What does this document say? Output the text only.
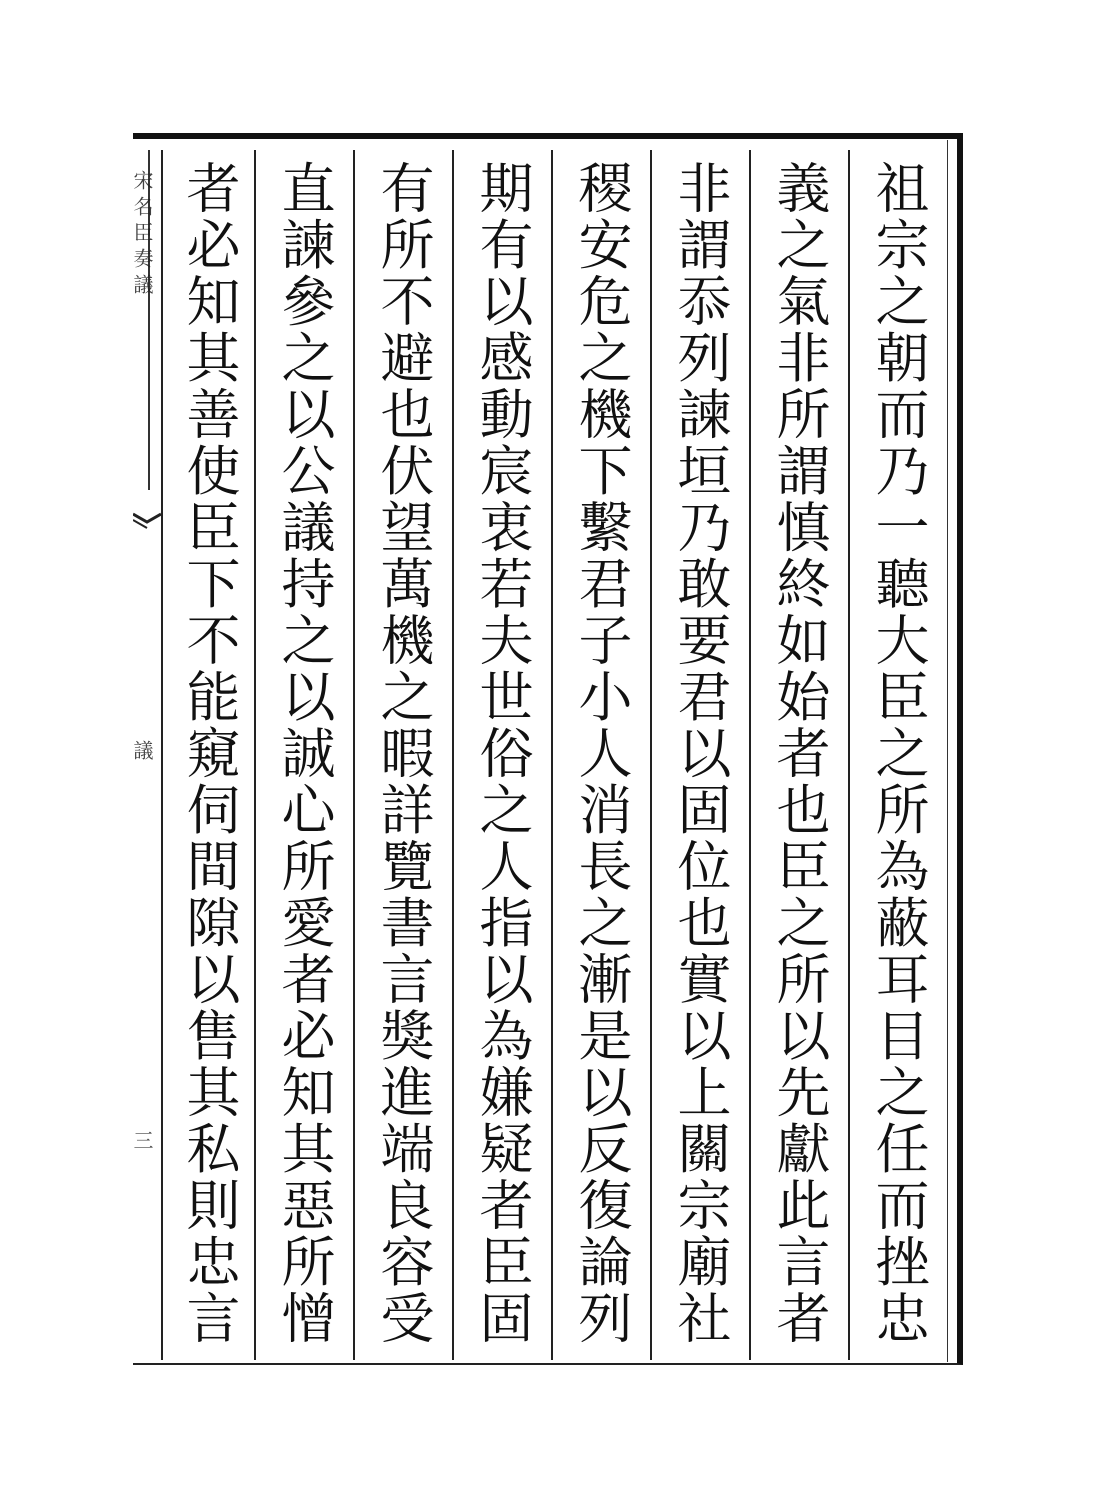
宋名臣奏議
議
三	祖宗之朝而乃一聽大臣之所為蔽耳目之任而挫忠
義之氣非所謂慎終如始者也臣之所以先獻此言者
非謂忝列諫垣乃敢要君以固位也實以上關宗廟社
稷安危之機下繫君子小人消長之漸是以反復論列
期有以感動宸衷若夫世俗之人指以為嫌疑者臣固
有所不避也伏望萬機之暇詳覽書言獎進端良容受
直諫參之以公議持之以誠心所愛者必知其惡所憎
者必知其善使臣下不能窺伺間隙以售其私則忠言
